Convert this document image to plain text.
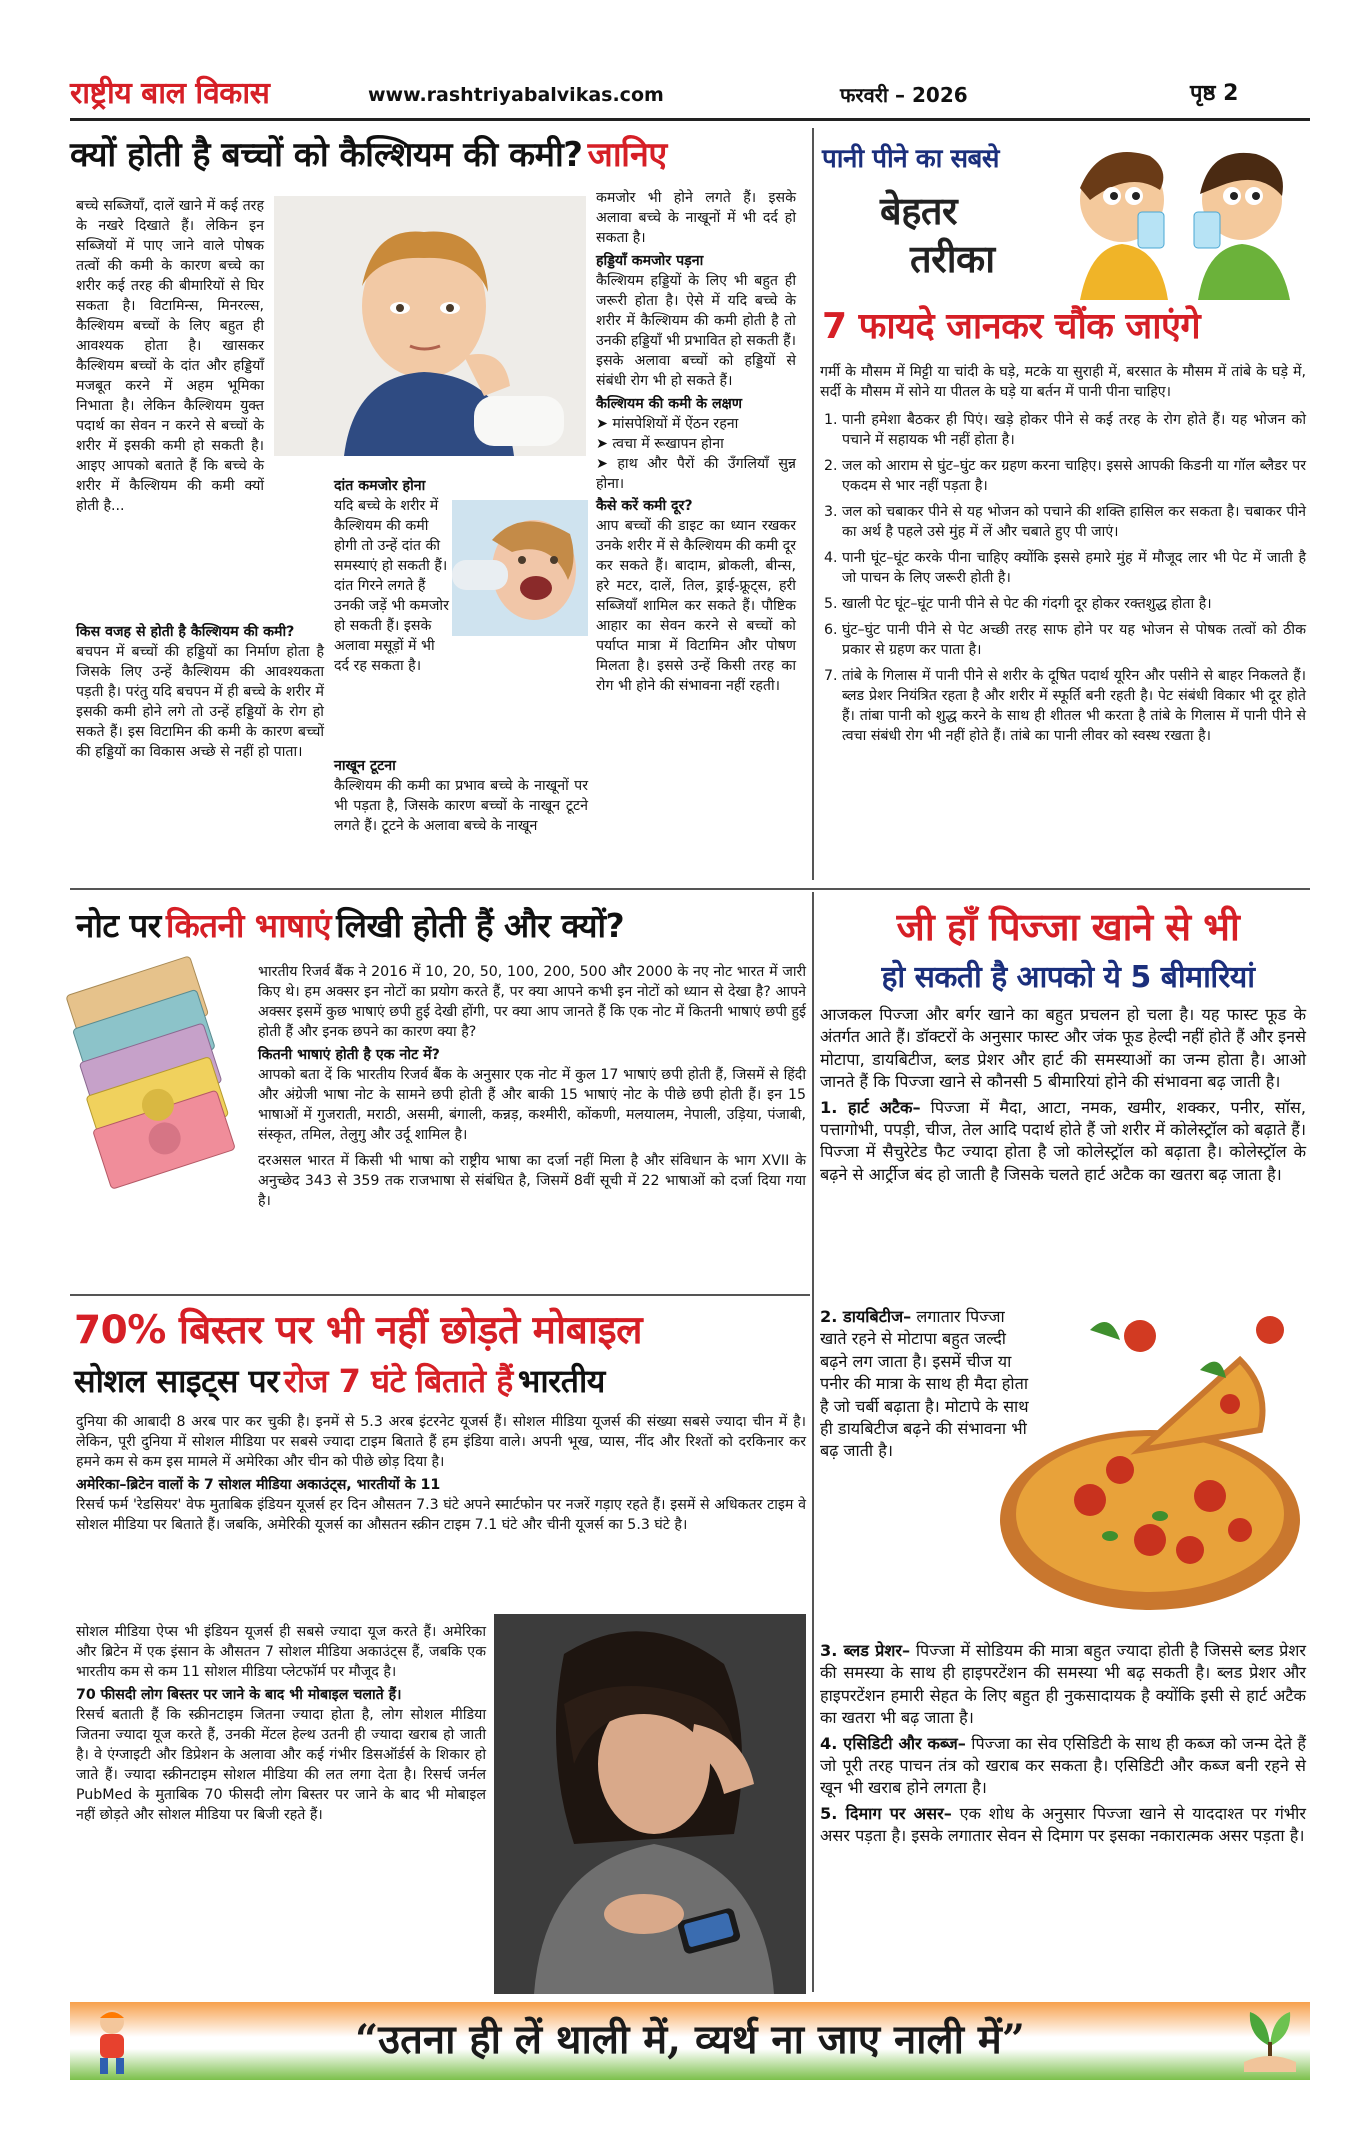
राष्ट्रीय बाल विकास	www.rashtriyabalvikas.com	फरवरी – 2026	पृष्ठ 2
क्यों होती है बच्चों को कैल्शियम की कमी? जानिए

बच्चे सब्जियाँ, दालें खाने में कई तरह के नखरे दिखाते हैं। लेकिन इन सब्जियों में पाए जाने वाले पोषक तत्वों की कमी के कारण बच्चे का शरीर कई तरह की बीमारियों से घिर सकता है। विटामिन्स, मिनरल्स, कैल्शियम बच्चों के लिए बहुत ही आवश्यक होता है। खासकर कैल्शियम बच्चों के दांत और हड्डियाँ मजबूत करने में अहम भूमिका निभाता है। लेकिन कैल्शियम युक्त पदार्थ का सेवन न करने से बच्चों के शरीर में इसकी कमी हो सकती है। आइए आपको बताते हैं कि बच्चे के शरीर में कैल्शियम की कमी क्यों होती है...

किस वजह से होती है कैल्शियम की कमी?

बचपन में बच्चों की हड्डियों का निर्माण होता है जिसके लिए उन्हें कैल्शियम की आवश्यकता पड़ती है। परंतु यदि बचपन में ही बच्चे के शरीर में इसकी कमी होने लगे तो उन्हें हड्डियों के रोग हो सकते हैं। इस विटामिन की कमी के कारण बच्चों की हड्डियों का विकास अच्छे से नहीं हो पाता।

दांत कमजोर होना

यदि बच्चे के शरीर में कैल्शियम की कमी होगी तो उन्हें दांत की समस्याएं हो सकती हैं। दांत गिरने लगते हैं उनकी जड़ें भी कमजोर हो सकती हैं। इसके अलावा मसूड़ों में भी दर्द रह सकता है।

नाखून टूटना

कैल्शियम की कमी का प्रभाव बच्चे के नाखूनों पर भी पड़ता है, जिसके कारण बच्चों के नाखून टूटने लगते हैं। टूटने के अलावा बच्चे के नाखून

कमजोर भी होने लगते हैं। इसके अलावा बच्चे के नाखूनों में भी दर्द हो सकता है।

हड्डियाँ कमजोर पड़ना

कैल्शियम हड्डियों के लिए भी बहुत ही जरूरी होता है। ऐसे में यदि बच्चे के शरीर में कैल्शियम की कमी होती है तो उनकी हड्डियाँ भी प्रभावित हो सकती हैं। इसके अलावा बच्चों को हड्डियों से संबंधी रोग भी हो सकते हैं।

कैल्शियम की कमी के लक्षण
➤ मांसपेशियों में ऐंठन रहना
➤ त्वचा में रूखापन होना
➤ हाथ और पैरों की उँगलियाँ सुन्न होना।
कैसे करें कमी दूर?

आप बच्चों की डाइट का ध्यान रखकर उनके शरीर में से कैल्शियम की कमी दूर कर सकते हैं। बादाम, ब्रोकली, बीन्स, हरे मटर, दालें, तिल, ड्राई-फ्रूट्स, हरी सब्जियाँ शामिल कर सकते हैं। पौष्टिक आहार का सेवन करने से बच्चों को पर्याप्त मात्रा में विटामिन और पोषण मिलता है। इससे उन्हें किसी तरह का रोग भी होने की संभावना नहीं रहती।

पानी पीने का सबसे
बेहतर
तरीका
7 फायदे जानकर चौंक जाएंगे

गर्मी के मौसम में मिट्टी या चांदी के घड़े, मटके या सुराही में, बरसात के मौसम में तांबे के घड़े में, सर्दी के मौसम में सोने या पीतल के घड़े या बर्तन में पानी पीना चाहिए।

1. पानी हमेशा बैठकर ही पिएं। खड़े होकर पीने से कई तरह के रोग होते हैं। यह भोजन को पचाने में सहायक भी नहीं होता है।
2. जल को आराम से घुंट–घुंट कर ग्रहण करना चाहिए। इससे आपकी किडनी या गॉल ब्लैडर पर एकदम से भार नहीं पड़ता है।
3. जल को चबाकर पीने से यह भोजन को पचाने की शक्ति हासिल कर सकता है। चबाकर पीने का अर्थ है पहले उसे मुंह में लें और चबाते हुए पी जाएं।
4. पानी घूंट–घूंट करके पीना चाहिए क्योंकि इससे हमारे मुंह में मौजूद लार भी पेट में जाती है जो पाचन के लिए जरूरी होती है।
5. खाली पेट घूंट–घूंट पानी पीने से पेट की गंदगी दूर होकर रक्तशुद्ध होता है।
6. घुंट–घुंट पानी पीने से पेट अच्छी तरह साफ होने पर यह भोजन से पोषक तत्वों को ठीक प्रकार से ग्रहण कर पाता है।
7. तांबे के गिलास में पानी पीने से शरीर के दूषित पदार्थ यूरिन और पसीने से बाहर निकलते हैं। ब्लड प्रेशर नियंत्रित रहता है और शरीर में स्फूर्ति बनी रहती है। पेट संबंधी विकार भी दूर होते हैं। तांबा पानी को शुद्ध करने के साथ ही शीतल भी करता है तांबे के गिलास में पानी पीने से त्वचा संबंधी रोग भी नहीं होते हैं। तांबे का पानी लीवर को स्वस्थ रखता है।
नोट पर कितनी भाषाएं लिखी होती हैं और क्यों?

भारतीय रिजर्व बैंक ने 2016 में 10, 20, 50, 100, 200, 500 और 2000 के नए नोट भारत में जारी किए थे। हम अक्सर इन नोटों का प्रयोग करते हैं, पर क्या आपने कभी इन नोटों को ध्यान से देखा है? आपने अक्सर इसमें कुछ भाषाएं छपी हुई देखी होंगी, पर क्या आप जानते हैं कि एक नोट में कितनी भाषाएं छपी हुई होती हैं और इनक छपने का कारण क्या है?

कितनी भाषाएं होती है एक नोट में?

आपको बता दें कि भारतीय रिजर्व बैंक के अनुसार एक नोट में कुल 17 भाषाएं छपी होती हैं, जिसमें से हिंदी और अंग्रेजी भाषा नोट के सामने छपी होती हैं और बाकी 15 भाषाएं नोट के पीछे छपी होती हैं। इन 15 भाषाओं में गुजराती, मराठी, असमी, बंगाली, कन्नड़, कश्मीरी, कोंकणी, मलयालम, नेपाली, उड़िया, पंजाबी, संस्कृत, तमिल, तेलुगु और उर्दू शामिल है।

दरअसल भारत में किसी भी भाषा को राष्ट्रीय भाषा का दर्जा नहीं मिला है और संविधान के भाग XVII के अनुच्छेद 343 से 359 तक राजभाषा से संबंधित है, जिसमें 8वीं सूची में 22 भाषाओं को दर्जा दिया गया है।

70% बिस्तर पर भी नहीं छोड़ते मोबाइल
सोशल साइट्स पर रोज 7 घंटे बिताते हैं भारतीय

दुनिया की आबादी 8 अरब पार कर चुकी है। इनमें से 5.3 अरब इंटरनेट यूजर्स हैं। सोशल मीडिया यूजर्स की संख्या सबसे ज्यादा चीन में है। लेकिन, पूरी दुनिया में सोशल मीडिया पर सबसे ज्यादा टाइम बिताते हैं हम इंडिया वाले। अपनी भूख, प्यास, नींद और रिश्तों को दरकिनार कर हमने कम से कम इस मामले में अमेरिका और चीन को पीछे छोड़ दिया है।

अमेरिका–ब्रिटेन वालों के 7 सोशल मीडिया अकाउंट्स, भारतीयों के 11

रिसर्च फर्म 'रेडसियर' वेफ मुताबिक इंडियन यूजर्स हर दिन औसतन 7.3 घंटे अपने स्मार्टफोन पर नजरें गड़ाए रहते हैं। इसमें से अधिकतर टाइम वे सोशल मीडिया पर बिताते हैं। जबकि, अमेरिकी यूजर्स का औसतन स्क्रीन टाइम 7.1 घंटे और चीनी यूजर्स का 5.3 घंटे है।

सोशल मीडिया ऐप्स भी इंडियन यूजर्स ही सबसे ज्यादा यूज करते हैं। अमेरिका और ब्रिटेन में एक इंसान के औसतन 7 सोशल मीडिया अकाउंट्स हैं, जबकि एक भारतीय कम से कम 11 सोशल मीडिया प्लेटफॉर्म पर मौजूद है।

70 फीसदी लोग बिस्तर पर जाने के बाद भी मोबाइल चलाते हैं।

रिसर्च बताती हैं कि स्क्रीनटाइम जितना ज्यादा होता है, लोग सोशल मीडिया जितना ज्यादा यूज करते हैं, उनकी मेंटल हेल्थ उतनी ही ज्यादा खराब हो जाती है। वे एंग्जाइटी और डिप्रेशन के अलावा और कई गंभीर डिसऑर्डर्स के शिकार हो जाते हैं। ज्यादा स्क्रीनटाइम सोशल मीडिया की लत लगा देता है। रिसर्च जर्नल PubMed के मुताबिक 70 फीसदी लोग बिस्तर पर जाने के बाद भी मोबाइल नहीं छोड़ते और सोशल मीडिया पर बिजी रहते हैं।

जी हाँ पिज्जा खाने से भी
हो सकती है आपको ये 5 बीमारियां

आजकल पिज्जा और बर्गर खाने का बहुत प्रचलन हो चला है। यह फास्ट फूड के अंतर्गत आते हैं। डॉक्टरों के अनुसार फास्ट और जंक फूड हेल्दी नहीं होते हैं और इनसे मोटापा, डायबिटीज, ब्लड प्रेशर और हार्ट की समस्याओं का जन्म होता है। आओ जानते हैं कि पिज्जा खाने से कौनसी 5 बीमारियां होने की संभावना बढ़ जाती है।

1. हार्ट अटैक– पिज्जा में मैदा, आटा, नमक, खमीर, शक्कर, पनीर, सॉस, पत्तागोभी, पपड़ी, चीज, तेल आदि पदार्थ होते हैं जो शरीर में कोलेस्ट्रॉल को बढ़ाते हैं। पिज्जा में सैचुरेटेड फैट ज्यादा होता है जो कोलेस्ट्रॉल को बढ़ाता है। कोलेस्ट्रॉल के बढ़ने से आर्ट्रीज बंद हो जाती है जिसके चलते हार्ट अटैक का खतरा बढ़ जाता है।

2. डायबिटीज– लगातार पिज्जा खाते रहने से मोटापा बहुत जल्दी बढ़ने लग जाता है। इसमें चीज या पनीर की मात्रा के साथ ही मैदा होता है जो चर्बी बढ़ाता है। मोटापे के साथ ही डायबिटीज बढ़ने की संभावना भी बढ़ जाती है।

3. ब्लड प्रेशर– पिज्जा में सोडियम की मात्रा बहुत ज्यादा होती है जिससे ब्लड प्रेशर की समस्या के साथ ही हाइपरटेंशन की समस्या भी बढ़ सकती है। ब्लड प्रेशर और हाइपरटेंशन हमारी सेहत के लिए बहुत ही नुकसादायक है क्योंकि इसी से हार्ट अटैक का खतरा भी बढ़ जाता है।

4. एसिडिटी और कब्ज– पिज्जा का सेव एसिडिटी के साथ ही कब्ज को जन्म देते हैं जो पूरी तरह पाचन तंत्र को खराब कर सकता है। एसिडिटी और कब्ज बनी रहने से खून भी खराब होने लगता है।

5. दिमाग पर असर– एक शोध के अनुसार पिज्जा खाने से याददाश्त पर गंभीर असर पड़ता है। इसके लगातार सेवन से दिमाग पर इसका नकारात्मक असर पड़ता है।

“उतना ही लें थाली में, व्यर्थ ना जाए नाली में”
